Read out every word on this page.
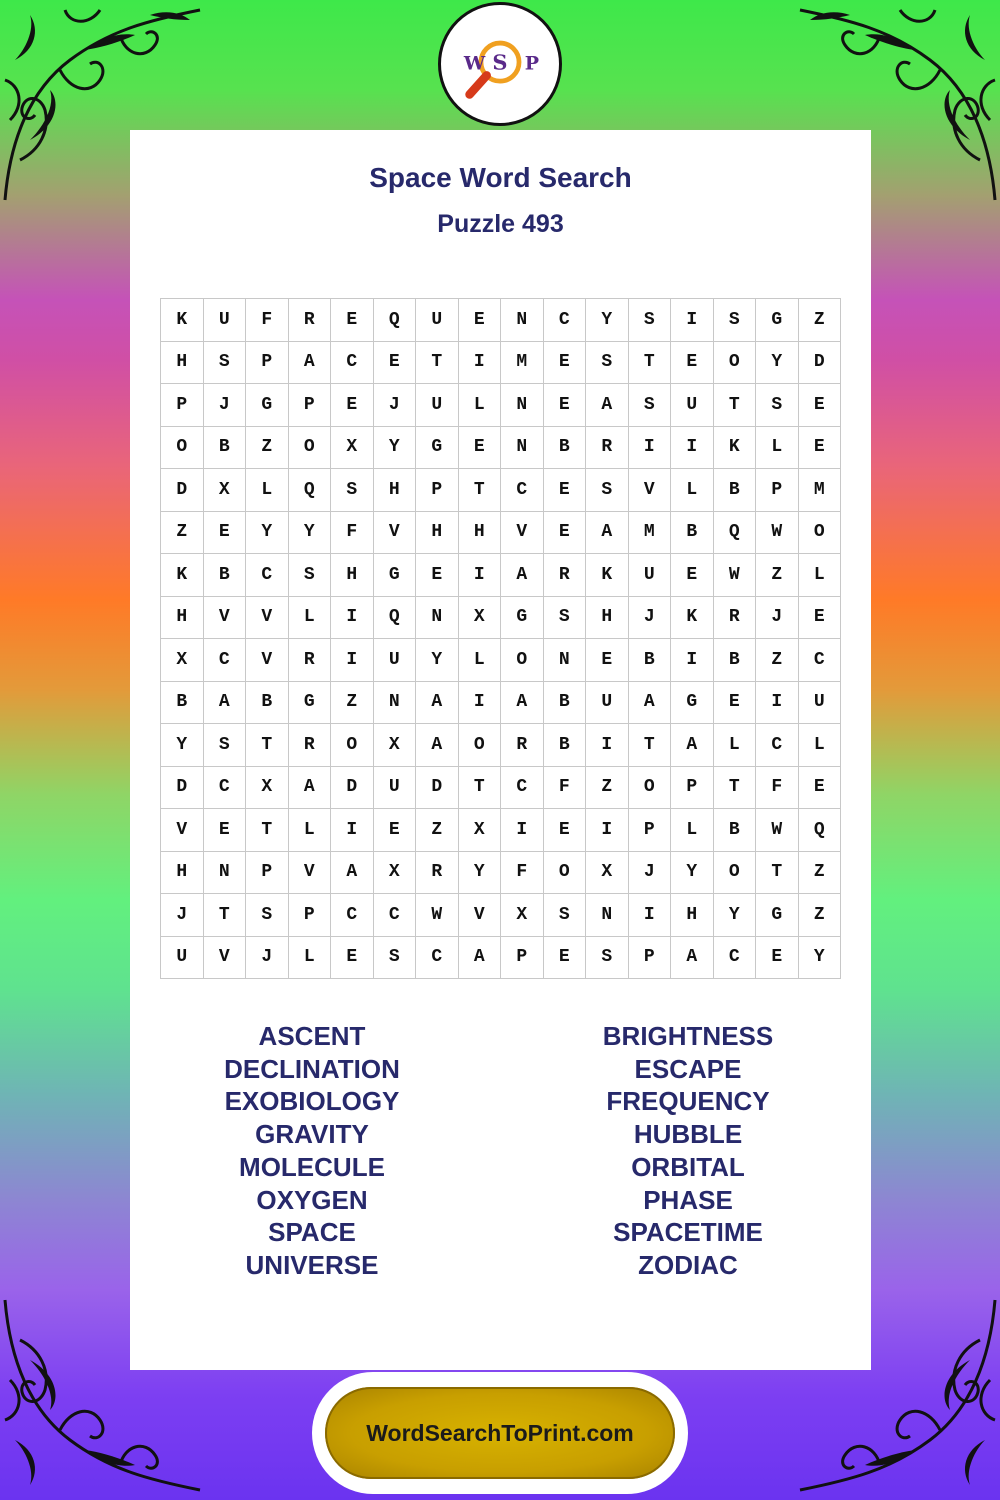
W S P
Space Word Search
Puzzle 493
K	U	F	R	E	Q	U	E	N	C	Y	S	I	S	G	Z
H	S	P	A	C	E	T	I	M	E	S	T	E	O	Y	D
P	J	G	P	E	J	U	L	N	E	A	S	U	T	S	E
O	B	Z	O	X	Y	G	E	N	B	R	I	I	K	L	E
D	X	L	Q	S	H	P	T	C	E	S	V	L	B	P	M
Z	E	Y	Y	F	V	H	H	V	E	A	M	B	Q	W	O
K	B	C	S	H	G	E	I	A	R	K	U	E	W	Z	L
H	V	V	L	I	Q	N	X	G	S	H	J	K	R	J	E
X	C	V	R	I	U	Y	L	O	N	E	B	I	B	Z	C
B	A	B	G	Z	N	A	I	A	B	U	A	G	E	I	U
Y	S	T	R	O	X	A	O	R	B	I	T	A	L	C	L
D	C	X	A	D	U	D	T	C	F	Z	O	P	T	F	E
V	E	T	L	I	E	Z	X	I	E	I	P	L	B	W	Q
H	N	P	V	A	X	R	Y	F	O	X	J	Y	O	T	Z
J	T	S	P	C	C	W	V	X	S	N	I	H	Y	G	Z
U	V	J	L	E	S	C	A	P	E	S	P	A	C	E	Y
ASCENT
DECLINATION
EXOBIOLOGY
GRAVITY
MOLECULE
OXYGEN
SPACE
UNIVERSE
BRIGHTNESS
ESCAPE
FREQUENCY
HUBBLE
ORBITAL
PHASE
SPACETIME
ZODIAC
WordSearchToPrint.com
